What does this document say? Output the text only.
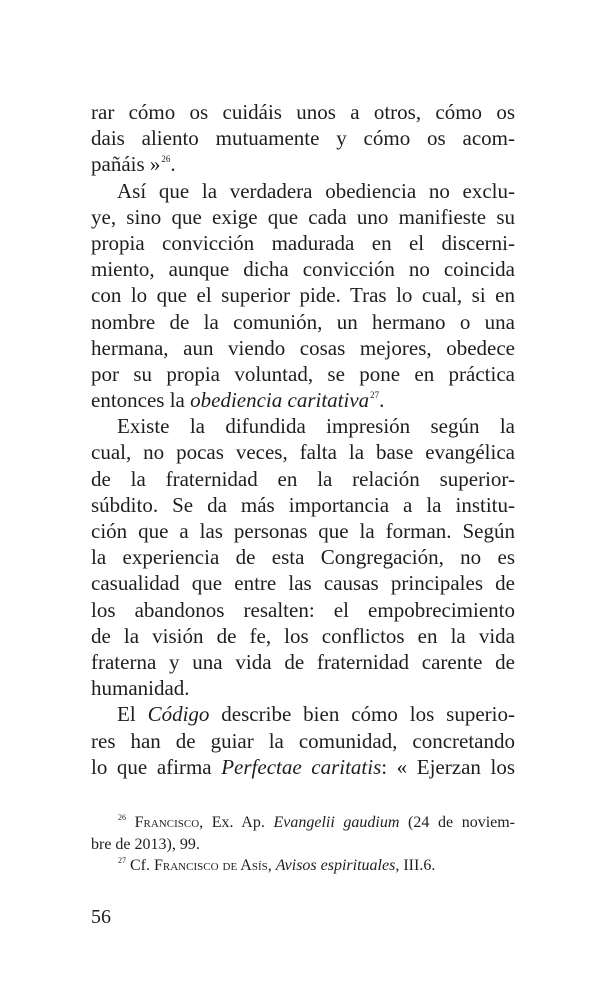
rar cómo os cuidáis unos a otros, cómo os
dais aliento mutuamente y cómo os acom-
pañáis »$^{26}$.
Así que la verdadera obediencia no exclu-
ye, sino que exige que cada uno manifieste su
propia convicción madurada en el discerni-
miento, aunque dicha convicción no coincida
con lo que el superior pide. Tras lo cual, si en
nombre de la comunión, un hermano o una
hermana, aun viendo cosas mejores, obedece
por su propia voluntad, se pone en práctica
entonces la obediencia caritativa$^{27}$.
Existe la difundida impresión según la
cual, no pocas veces, falta la base evangélica
de la fraternidad en la relación superior-
súbdito. Se da más importancia a la institu-
ción que a las personas que la forman. Según
la experiencia de esta Congregación, no es
casualidad que entre las causas principales de
los abandonos resalten: el empobrecimiento
de la visión de fe, los conflictos en la vida
fraterna y una vida de fraternidad carente de
humanidad.
El Código describe bien cómo los superio-
res han de guiar la comunidad, concretando
lo que afirma Perfectae caritatis: « Ejerzan los
$^{26}$ Francisco, Ex. Ap. Evangelii gaudium (24 de noviem-
bre de 2013), 99.
$^{27}$ Cf. Francisco de Asís, Avisos espirituales, III.6.
56
